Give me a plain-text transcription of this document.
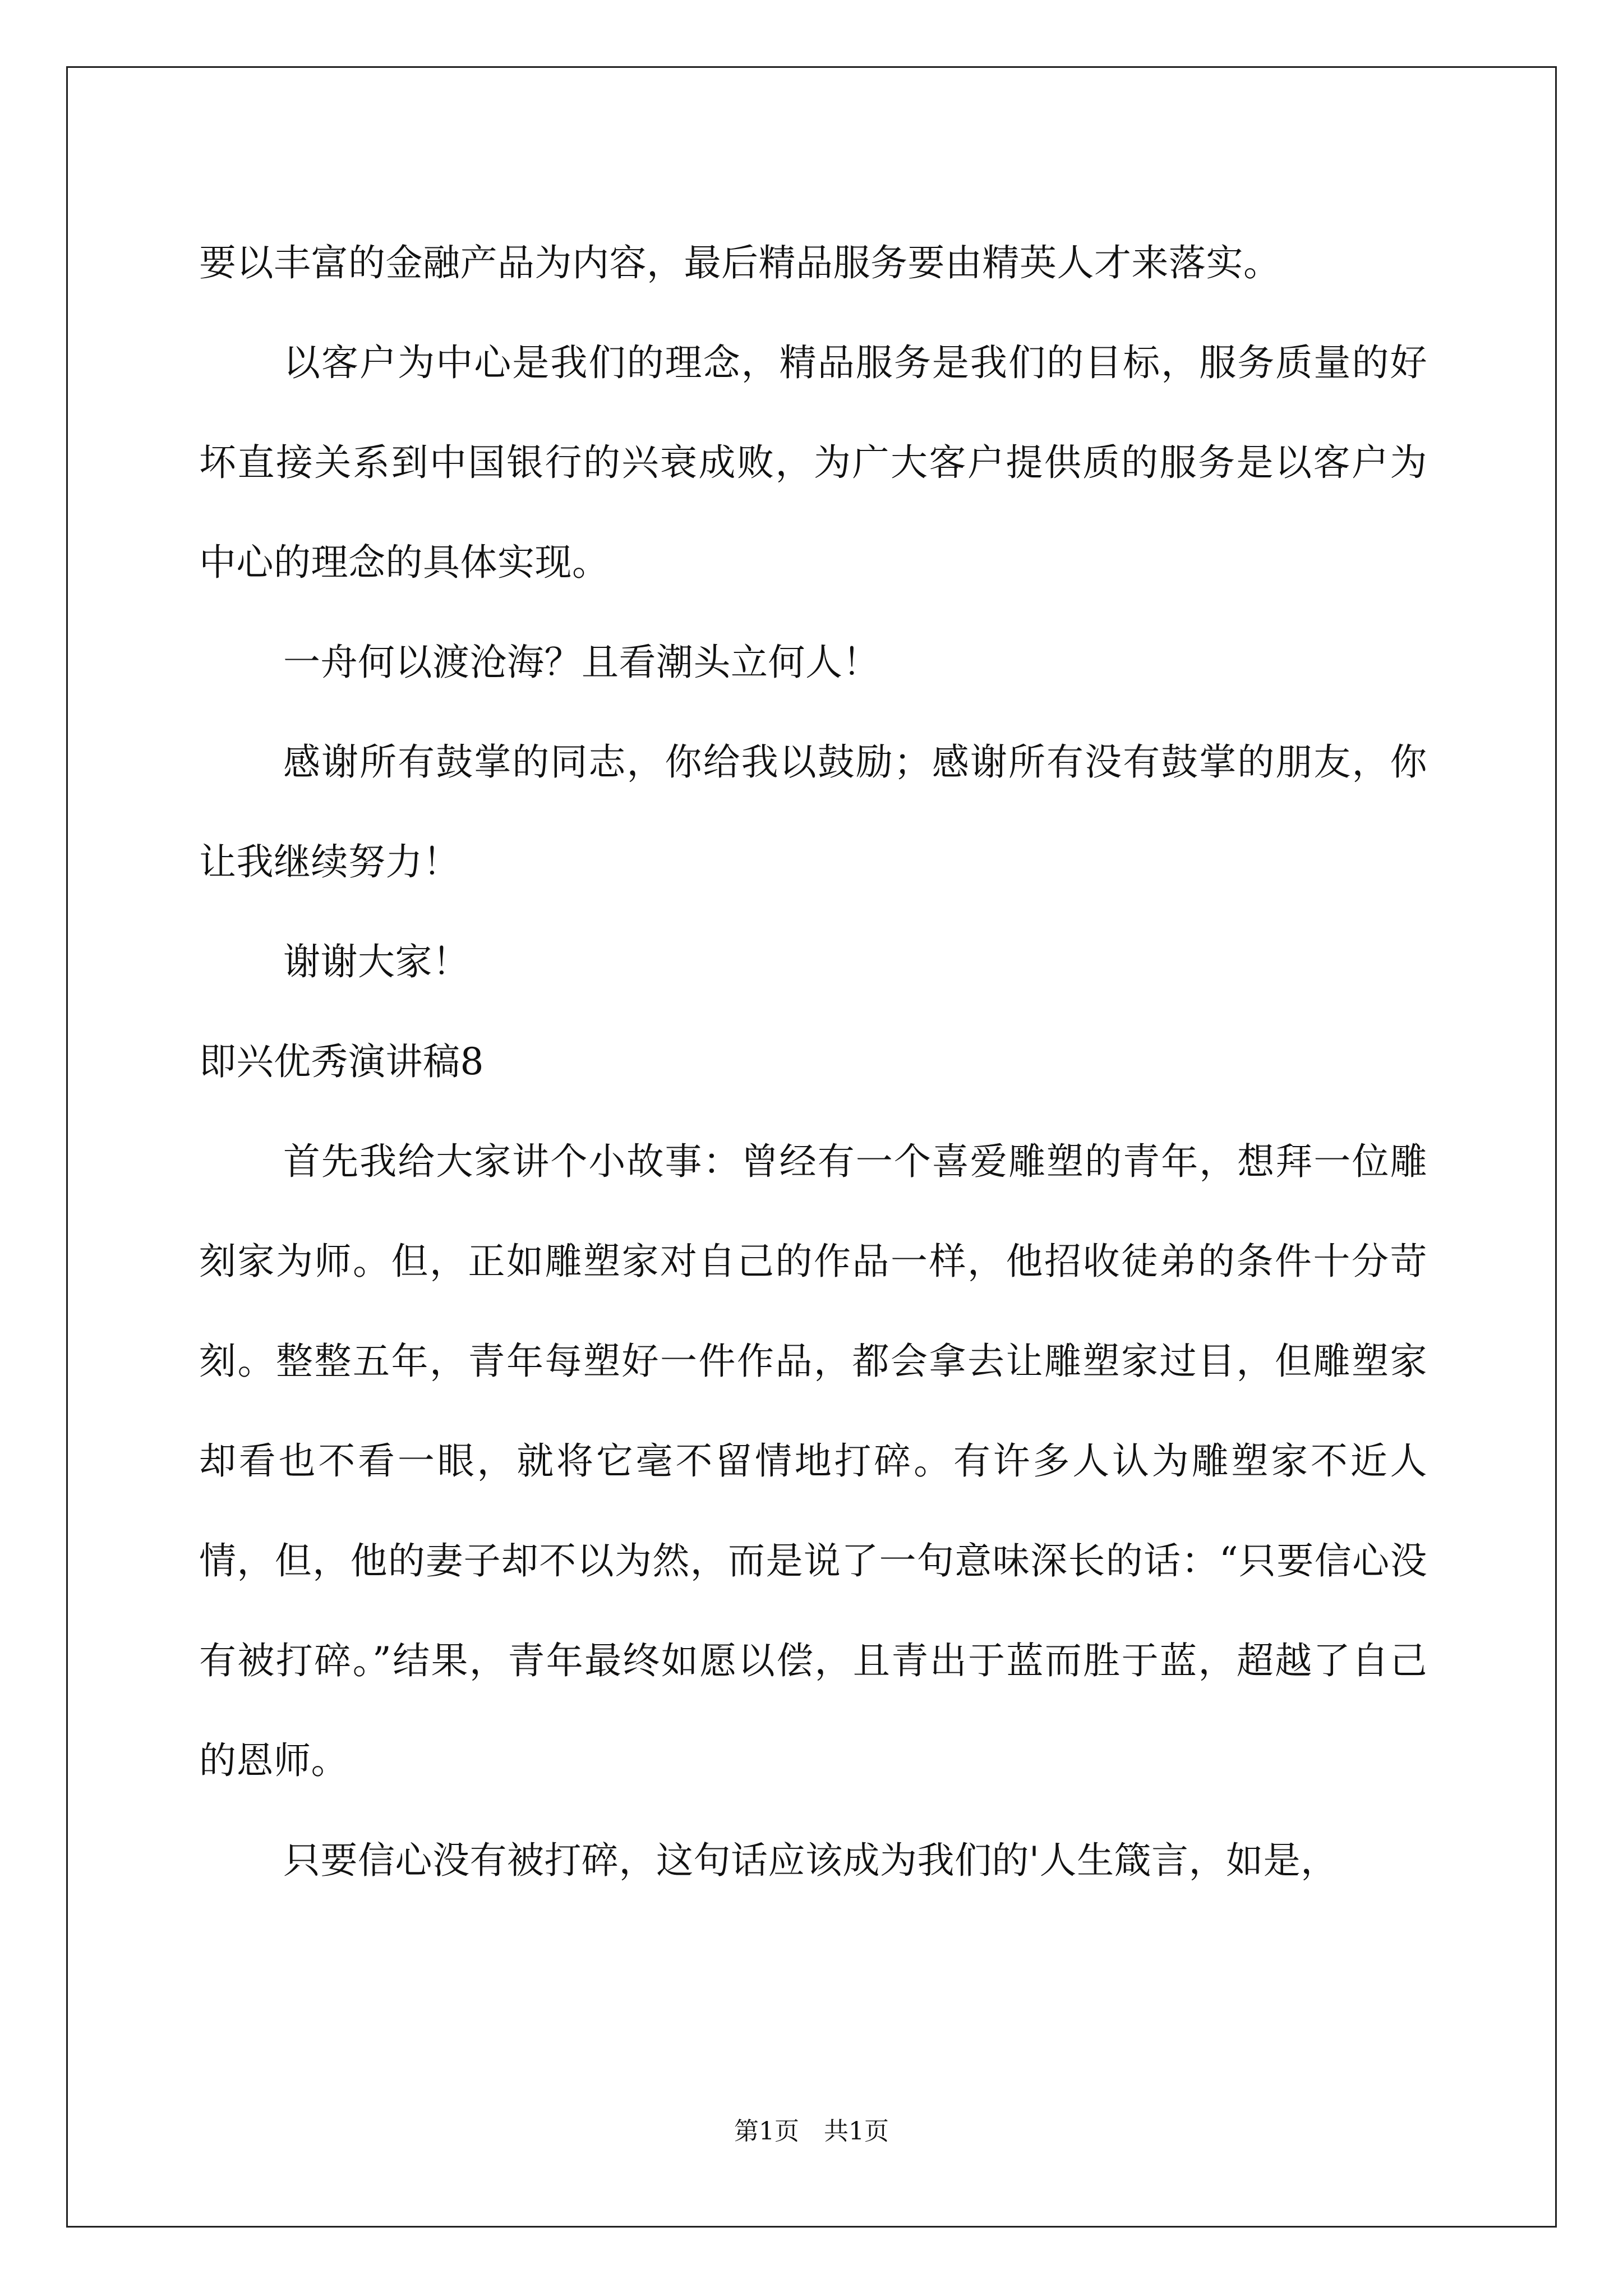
要以丰富的金融产品为内容，最后精品服务要由精英人才来落实。

以客户为中心是我们的理念，精品服务是我们的目标，服务质量的好坏直接关系到中国银行的兴衰成败，为广大客户提供质的服务是以客户为中心的理念的具体实现。

一舟何以渡沧海？且看潮头立何人！

感谢所有鼓掌的同志，你给我以鼓励；感谢所有没有鼓掌的朋友，你让我继续努力！

谢谢大家！

即兴优秀演讲稿8

首先我给大家讲个小故事：曾经有一个喜爱雕塑的青年，想拜一位雕刻家为师。但，正如雕塑家对自己的作品一样，他招收徒弟的条件十分苛刻。整整五年，青年每塑好一件作品，都会拿去让雕塑家过目，但雕塑家却看也不看一眼，就将它毫不留情地打碎。有许多人认为雕塑家不近人情，但，他的妻子却不以为然，而是说了一句意味深长的话：“只要信心没有被打碎。”结果，青年最终如愿以偿，且青出于蓝而胜于蓝，超越了自己的恩师。

只要信心没有被打碎，这句话应该成为我们的'人生箴言，如是，

第1页　共1页
